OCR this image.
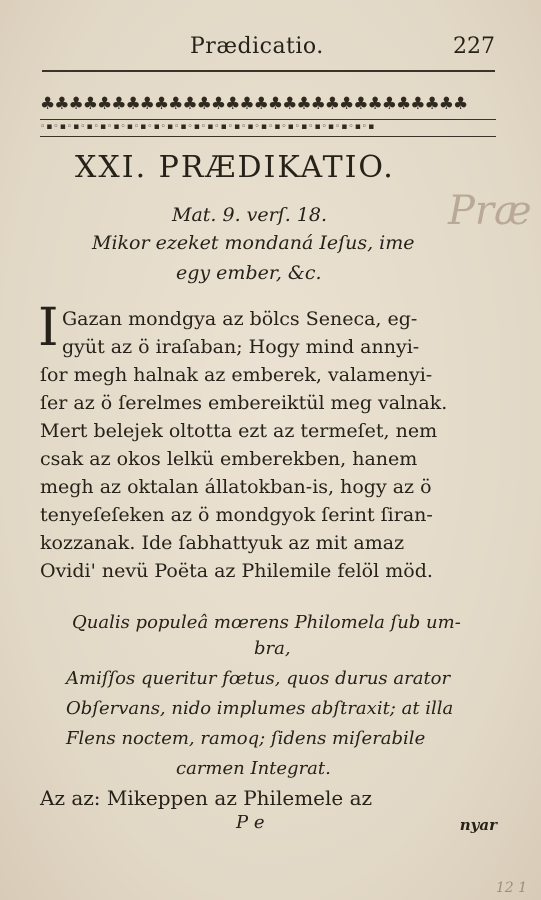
Prædicatio.	227
♣♣♣♣♣♣♣♣♣♣♣♣♣♣♣♣♣♣♣♣♣♣♣♣♣♣♣♣♣♣
◦▪◦▪◦▪◦▪◦▪◦▪◦▪◦▪◦▪◦▪◦▪◦▪◦▪◦▪◦▪◦▪◦▪◦▪◦▪◦▪◦▪◦▪◦▪◦▪◦▪
XXI. PRÆDIKATIO.
Præ
Mat. 9. verſ. 18.
Mikor ezeket mondaná Ieſus, ime
egy ember, &c.
I Gazan mondgya az bölcs Seneca, eg-
gyüt az ö iraſaban; Hogy mind annyi-
ſor megh halnak az emberek, valamenyi-
ſer az ö ſerelmes embereiktül meg valnak.
Mert belejek oltotta ezt az termeſet, nem
csak az okos lelkü emberekben, hanem
megh az oktalan állatokban-is, hogy az ö
tenyeſeſeken az ö mondgyok ſerint ſiran-
kozzanak. Ide ſabhattyuk az mit amaz
Ovidi' nevü Poëta az Philemile felöl möd.
Qualis populeâ mœrens Philomela ſub um-
bra,
Amiſſos queritur fœtus, quos durus arator
Obſervans, nido implumes abſtraxit; at illa
Flens noctem, ramoq; ſidens miſerabile
carmen Integrat.
Az az: Mikeppen az Philemele az
P e	nyar
12 1
